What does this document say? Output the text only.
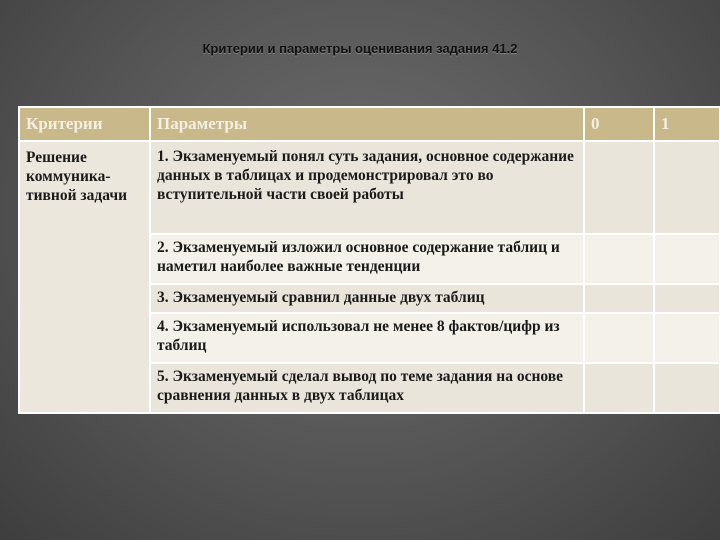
Критерии и параметры оценивания задания 41.2
Критерии	Параметры	0	1
Решение коммуника-тивной задачи	1. Экзаменуемый понял суть задания, основное содержание данных в таблицах и продемонстрировал это во вступительной части своей работы		
	2. Экзаменуемый изложил основное содержание таблиц и наметил наиболее важные тенденции		
	3. Экзаменуемый сравнил данные двух таблиц		
	4. Экзаменуемый использовал не менее 8 фактов/цифр из таблиц		
	5. Экзаменуемый сделал вывод по теме задания на основе сравнения данных в двух таблицах		
